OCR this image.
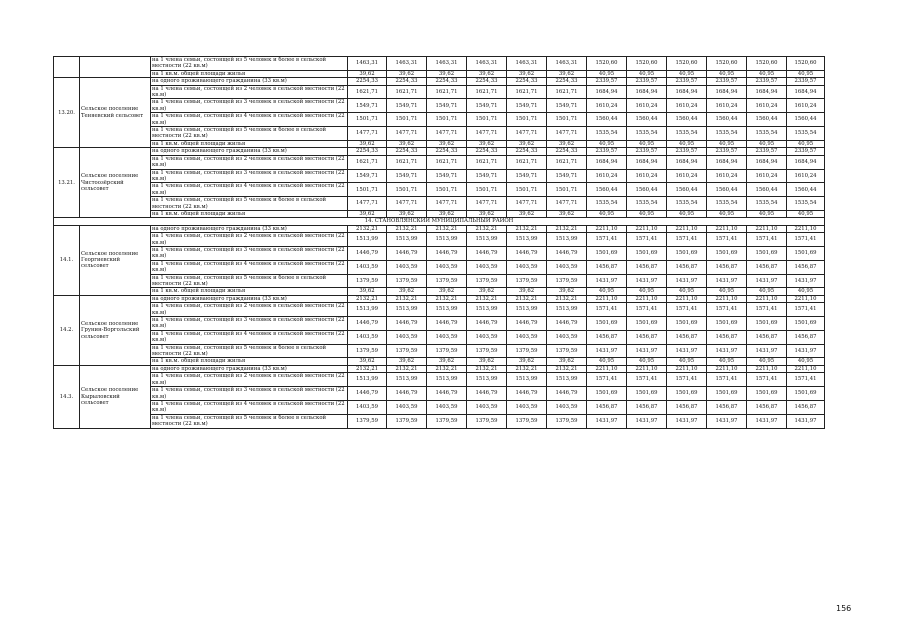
		на 1 члена семьи, состоящей из 5 человек и более в сельской местности (22 кв.м)	1463,31	1463,31	1463,31	1463,31	1463,31	1463,31	1520,60	1520,60	1520,60	1520,60	1520,60	1520,60
		на 1 кв.м. общей площади жилья	39,62	39,62	39,62	39,62	39,62	39,62	40,95	40,95	40,95	40,95	40,95	40,95
13.20.	Сельское поселение Теняевский сельсовет	на одного проживающего гражданина (33 кв.м)	2254,33	2254,33	2254,33	2254,33	2254,33	2254,33	2339,57	2339,57	2339,57	2339,57	2339,57	2339,57
		на 1 члена семьи, состоящей из 2 человек в сельской местности (22 кв.м)	1621,71	1621,71	1621,71	1621,71	1621,71	1621,71	1684,94	1684,94	1684,94	1684,94	1684,94	1684,94
		на 1 члена семьи, состоящей из 3 человек в сельской местности (22 кв.м)	1549,71	1549,71	1549,71	1549,71	1549,71	1549,71	1610,24	1610,24	1610,24	1610,24	1610,24	1610,24
		на 1 члена семьи, состоящей из 4 человек в сельской местности (22 кв.м)	1501,71	1501,71	1501,71	1501,71	1501,71	1501,71	1560,44	1560,44	1560,44	1560,44	1560,44	1560,44
		на 1 члена семьи, состоящей из 5 человек и более в сельской местности (22 кв.м)	1477,71	1477,71	1477,71	1477,71	1477,71	1477,71	1535,54	1535,54	1535,54	1535,54	1535,54	1535,54
		на 1 кв.м. общей площади жилья	39,62	39,62	39,62	39,62	39,62	39,62	40,95	40,95	40,95	40,95	40,95	40,95
13.21.	Сельское поселение Чистоозёрский сельсовет	на одного проживающего гражданина (33 кв.м)	2254,33	2254,33	2254,33	2254,33	2254,33	2254,33	2339,57	2339,57	2339,57	2339,57	2339,57	2339,57
		на 1 члена семьи, состоящей из 2 человек в сельской местности (22 кв.м)	1621,71	1621,71	1621,71	1621,71	1621,71	1621,71	1684,94	1684,94	1684,94	1684,94	1684,94	1684,94
		на 1 члена семьи, состоящей из 3 человек в сельской местности (22 кв.м)	1549,71	1549,71	1549,71	1549,71	1549,71	1549,71	1610,24	1610,24	1610,24	1610,24	1610,24	1610,24
		на 1 члена семьи, состоящей из 4 человек в сельской местности (22 кв.м)	1501,71	1501,71	1501,71	1501,71	1501,71	1501,71	1560,44	1560,44	1560,44	1560,44	1560,44	1560,44
		на 1 члена семьи, состоящей из 5 человек и более в сельской местности (22 кв.м)	1477,71	1477,71	1477,71	1477,71	1477,71	1477,71	1535,54	1535,54	1535,54	1535,54	1535,54	1535,54
		на 1 кв.м. общей площади жилья	39,62	39,62	39,62	39,62	39,62	39,62	40,95	40,95	40,95	40,95	40,95	40,95
14. СТАНОВЛЯНСКИЙ МУНИЦИПАЛЬНЫЙ РАЙОН														
14.1.	Сельское поселение Георгиевский сельсовет	на одного проживающего гражданина (33 кв.м)	2132,21	2132,21	2132,21	2132,21	2132,21	2132,21	2211,10	2211,10	2211,10	2211,10	2211,10	2211,10
		на 1 члена семьи, состоящей из 2 человек в сельской местности (22 кв.м)	1513,99	1513,99	1513,99	1513,99	1513,99	1513,99	1571,41	1571,41	1571,41	1571,41	1571,41	1571,41
		на 1 члена семьи, состоящей из 3 человек в сельской местности (22 кв.м)	1446,79	1446,79	1446,79	1446,79	1446,79	1446,79	1501,69	1501,69	1501,69	1501,69	1501,69	1501,69
		на 1 члена семьи, состоящей из 4 человек в сельской местности (22 кв.м)	1403,59	1403,59	1403,59	1403,59	1403,59	1403,59	1456,87	1456,87	1456,87	1456,87	1456,87	1456,87
		на 1 члена семьи, состоящей из 5 человек и более в сельской местности (22 кв.м)	1379,59	1379,59	1379,59	1379,59	1379,59	1379,59	1431,97	1431,97	1431,97	1431,97	1431,97	1431,97
		на 1 кв.м. общей площади жилья	39,62	39,62	39,62	39,62	39,62	39,62	40,95	40,95	40,95	40,95	40,95	40,95
14.2.	Сельское поселение Грунин-Воргольский сельсовет	на одного проживающего гражданина (33 кв.м)	2132,21	2132,21	2132,21	2132,21	2132,21	2132,21	2211,10	2211,10	2211,10	2211,10	2211,10	2211,10
		на 1 члена семьи, состоящей из 2 человек в сельской местности (22 кв.м)	1513,99	1513,99	1513,99	1513,99	1513,99	1513,99	1571,41	1571,41	1571,41	1571,41	1571,41	1571,41
		на 1 члена семьи, состоящей из 3 человек в сельской местности (22 кв.м)	1446,79	1446,79	1446,79	1446,79	1446,79	1446,79	1501,69	1501,69	1501,69	1501,69	1501,69	1501,69
		на 1 члена семьи, состоящей из 4 человек в сельской местности (22 кв.м)	1403,59	1403,59	1403,59	1403,59	1403,59	1403,59	1456,87	1456,87	1456,87	1456,87	1456,87	1456,87
		на 1 члена семьи, состоящей из 5 человек и более в сельской местности (22 кв.м)	1379,59	1379,59	1379,59	1379,59	1379,59	1379,59	1431,97	1431,97	1431,97	1431,97	1431,97	1431,97
		на 1 кв.м. общей площади жилья	39,62	39,62	39,62	39,62	39,62	39,62	40,95	40,95	40,95	40,95	40,95	40,95
14.3.	Сельское поселение Кырыловский сельсовет	на одного проживающего гражданина (33 кв.м)	2132,21	2132,21	2132,21	2132,21	2132,21	2132,21	2211,10	2211,10	2211,10	2211,10	2211,10	2211,10
		на 1 члена семьи, состоящей из 2 человек в сельской местности (22 кв.м)	1513,99	1513,99	1513,99	1513,99	1513,99	1513,99	1571,41	1571,41	1571,41	1571,41	1571,41	1571,41
		на 1 члена семьи, состоящей из 3 человек в сельской местности (22 кв.м)	1446,79	1446,79	1446,79	1446,79	1446,79	1446,79	1501,69	1501,69	1501,69	1501,69	1501,69	1501,69
		на 1 члена семьи, состоящей из 4 человек в сельской местности (22 кв.м)	1403,59	1403,59	1403,59	1403,59	1403,59	1403,59	1456,87	1456,87	1456,87	1456,87	1456,87	1456,87
		на 1 члена семьи, состоящей из 5 человек и более в сельской местности (22 кв.м)	1379,59	1379,59	1379,59	1379,59	1379,59	1379,59	1431,97	1431,97	1431,97	1431,97	1431,97	1431,97
156
